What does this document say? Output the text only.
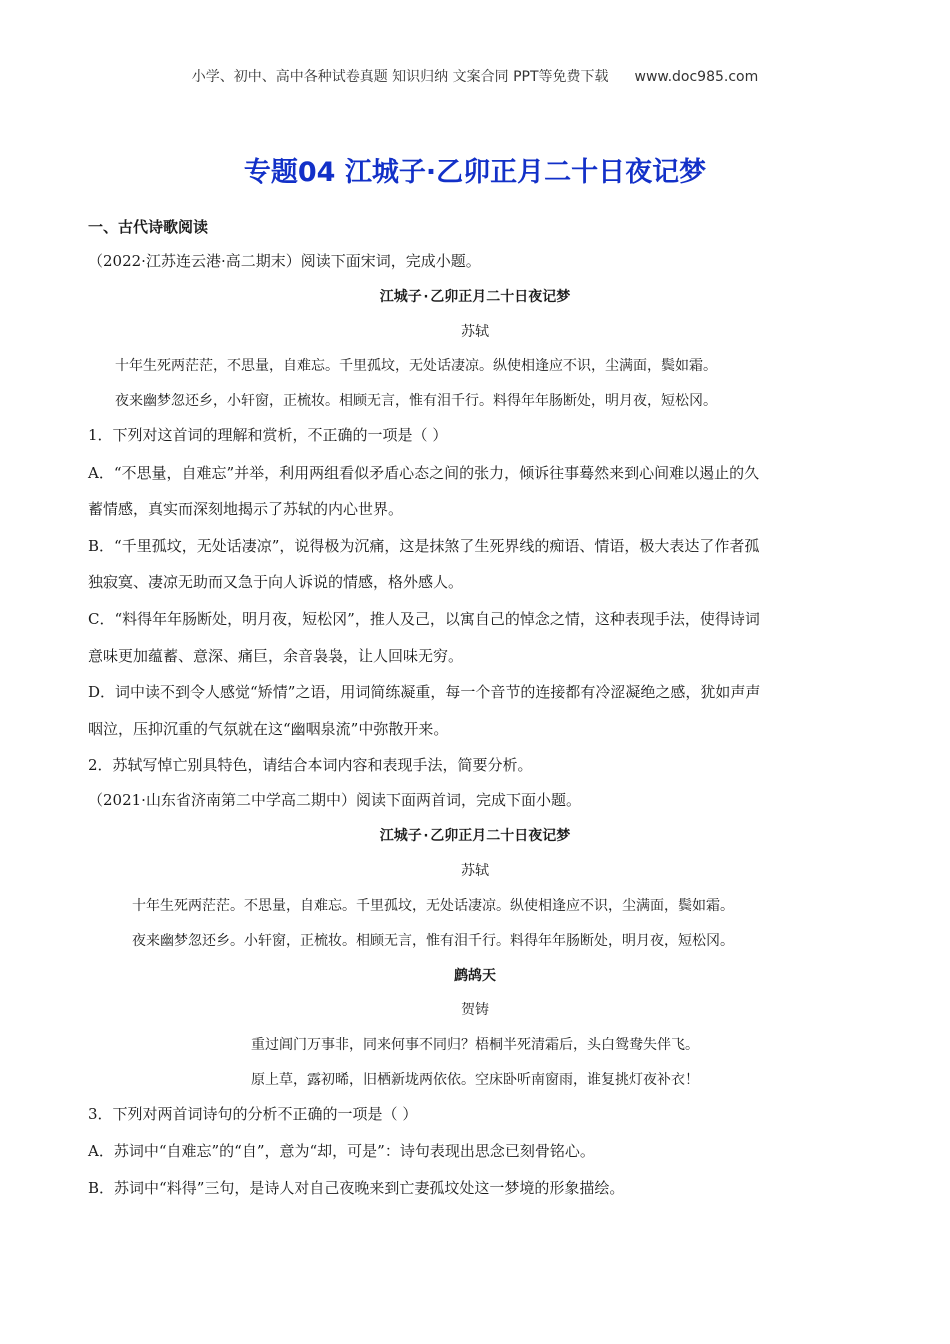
小学、初中、高中各种试卷真题 知识归纳 文案合同 PPT等免费下载 www.doc985.com
专题04 江城子·乙卯正月二十日夜记梦
一、古代诗歌阅读
（2022·江苏连云港·高二期末）阅读下面宋词，完成小题。
江城子·乙卯正月二十日夜记梦
苏轼
十年生死两茫茫，不思量，自难忘。千里孤坟，无处话凄凉。纵使相逢应不识，尘满面，鬓如霜。
夜来幽梦忽还乡，小轩窗，正梳妆。相顾无言，惟有泪千行。料得年年肠断处，明月夜，短松冈。
1．下列对这首词的理解和赏析，不正确的一项是（ ）
A．“不思量，自难忘”并举，利用两组看似矛盾心态之间的张力，倾诉往事蓦然来到心间难以遏止的久
蓄情感，真实而深刻地揭示了苏轼的内心世界。
B．“千里孤坟，无处话凄凉”，说得极为沉痛，这是抹煞了生死界线的痴语、情语，极大表达了作者孤
独寂寞、凄凉无助而又急于向人诉说的情感，格外感人。
C．“料得年年肠断处，明月夜，短松冈”，推人及己，以寓自己的悼念之情，这种表现手法，使得诗词
意味更加蕴蓄、意深、痛巨，余音袅袅，让人回味无穷。
D．词中读不到令人感觉“矫情”之语，用词简练凝重，每一个音节的连接都有冷涩凝绝之感，犹如声声
咽泣，压抑沉重的气氛就在这“幽咽泉流”中弥散开来。
2．苏轼写悼亡别具特色，请结合本词内容和表现手法，简要分析。
（2021·山东省济南第二中学高二期中）阅读下面两首词，完成下面小题。
江城子·乙卯正月二十日夜记梦
苏轼
十年生死两茫茫。不思量，自难忘。千里孤坟，无处话凄凉。纵使相逢应不识，尘满面，鬓如霜。
夜来幽梦忽还乡。小轩窗，正梳妆。相顾无言，惟有泪千行。料得年年肠断处，明月夜，短松冈。
鹧鸪天
贺铸
重过阊门万事非，同来何事不同归？梧桐半死清霜后，头白鸳鸯失伴飞。
原上草，露初晞，旧栖新垅两依依。空床卧听南窗雨，谁复挑灯夜补衣！
3．下列对两首词诗句的分析不正确的一项是（ ）
A．苏词中“自难忘”的“自”，意为“却，可是”：诗句表现出思念已刻骨铭心。
B．苏词中“料得”三句，是诗人对自己夜晚来到亡妻孤坟处这一梦境的形象描绘。
